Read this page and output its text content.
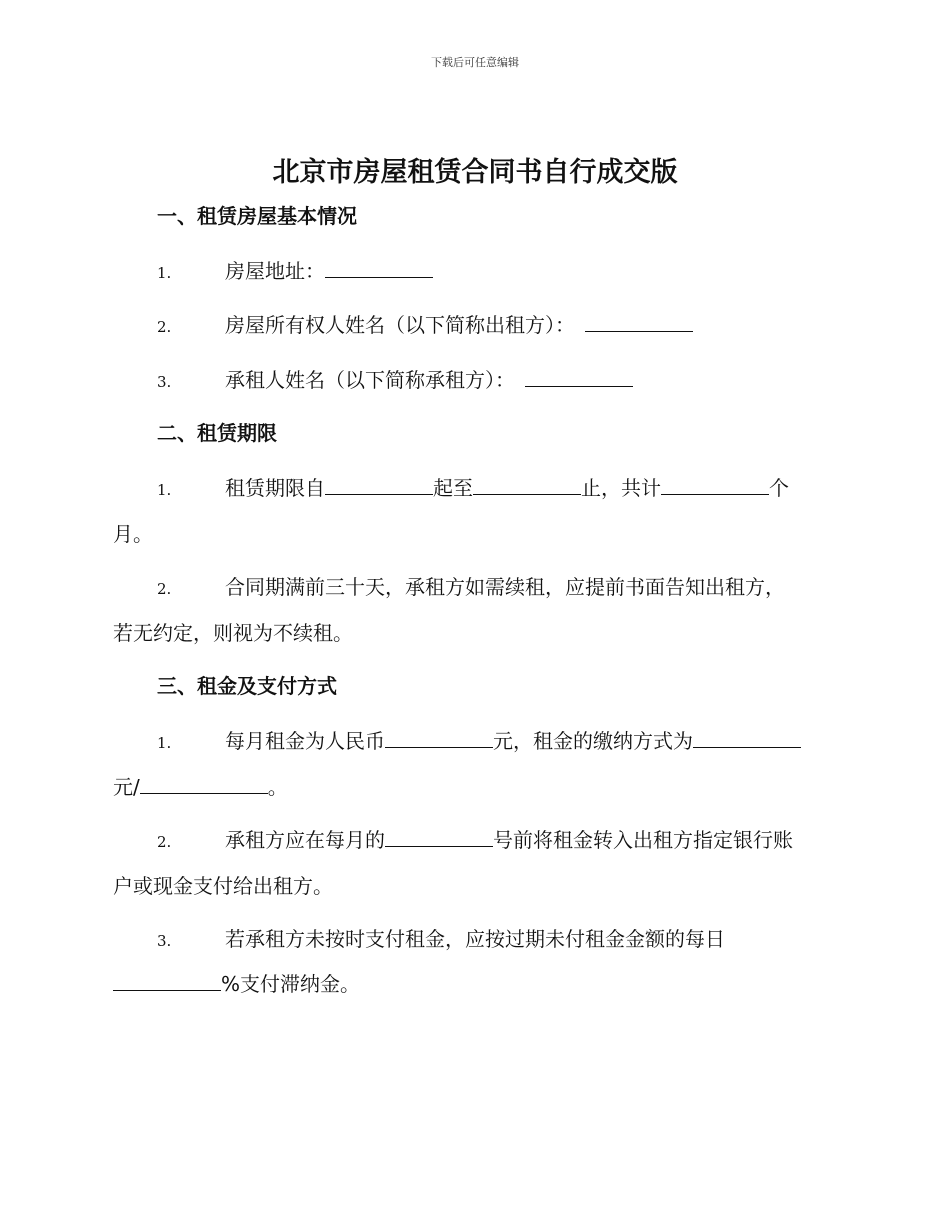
下载后可任意编辑
北京市房屋租赁合同书自行成交版
一、租赁房屋基本情况
1.	房屋地址：
2.	房屋所有权人姓名（以下简称出租方）：
3.	承租人姓名（以下简称承租方）：
二、租赁期限
1.	租赁期限自	起至	止，共计	个
月。
2.	合同期满前三十天，承租方如需续租，应提前书面告知出租方，
若无约定，则视为不续租。
三、租金及支付方式
1.	每月租金为人民币	元，租金的缴纳方式为
元/	。
2.	承租方应在每月的	号前将租金转入出租方指定银行账
户或现金支付给出租方。
3.	若承租方未按时支付租金，应按过期未付租金金额的每日
%支付滞纳金。
